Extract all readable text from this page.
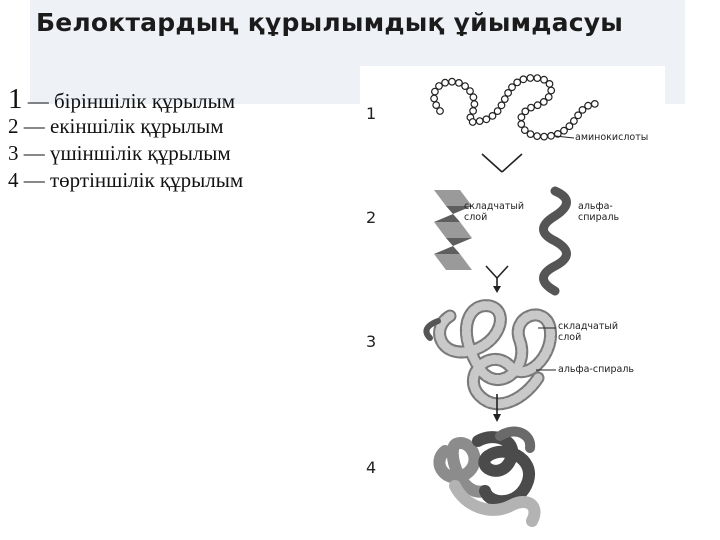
Белоктардың құрылымдық ұйымдасуы
1 — біріншілік құрылым
2 — екіншілік құрылым
3 — үшіншілік құрылым
4 — төртіншілік құрылым
1
2
3
4
аминокислоты
складчатый
слой
альфа-
спираль
складчатый
слой
альфа-спираль
